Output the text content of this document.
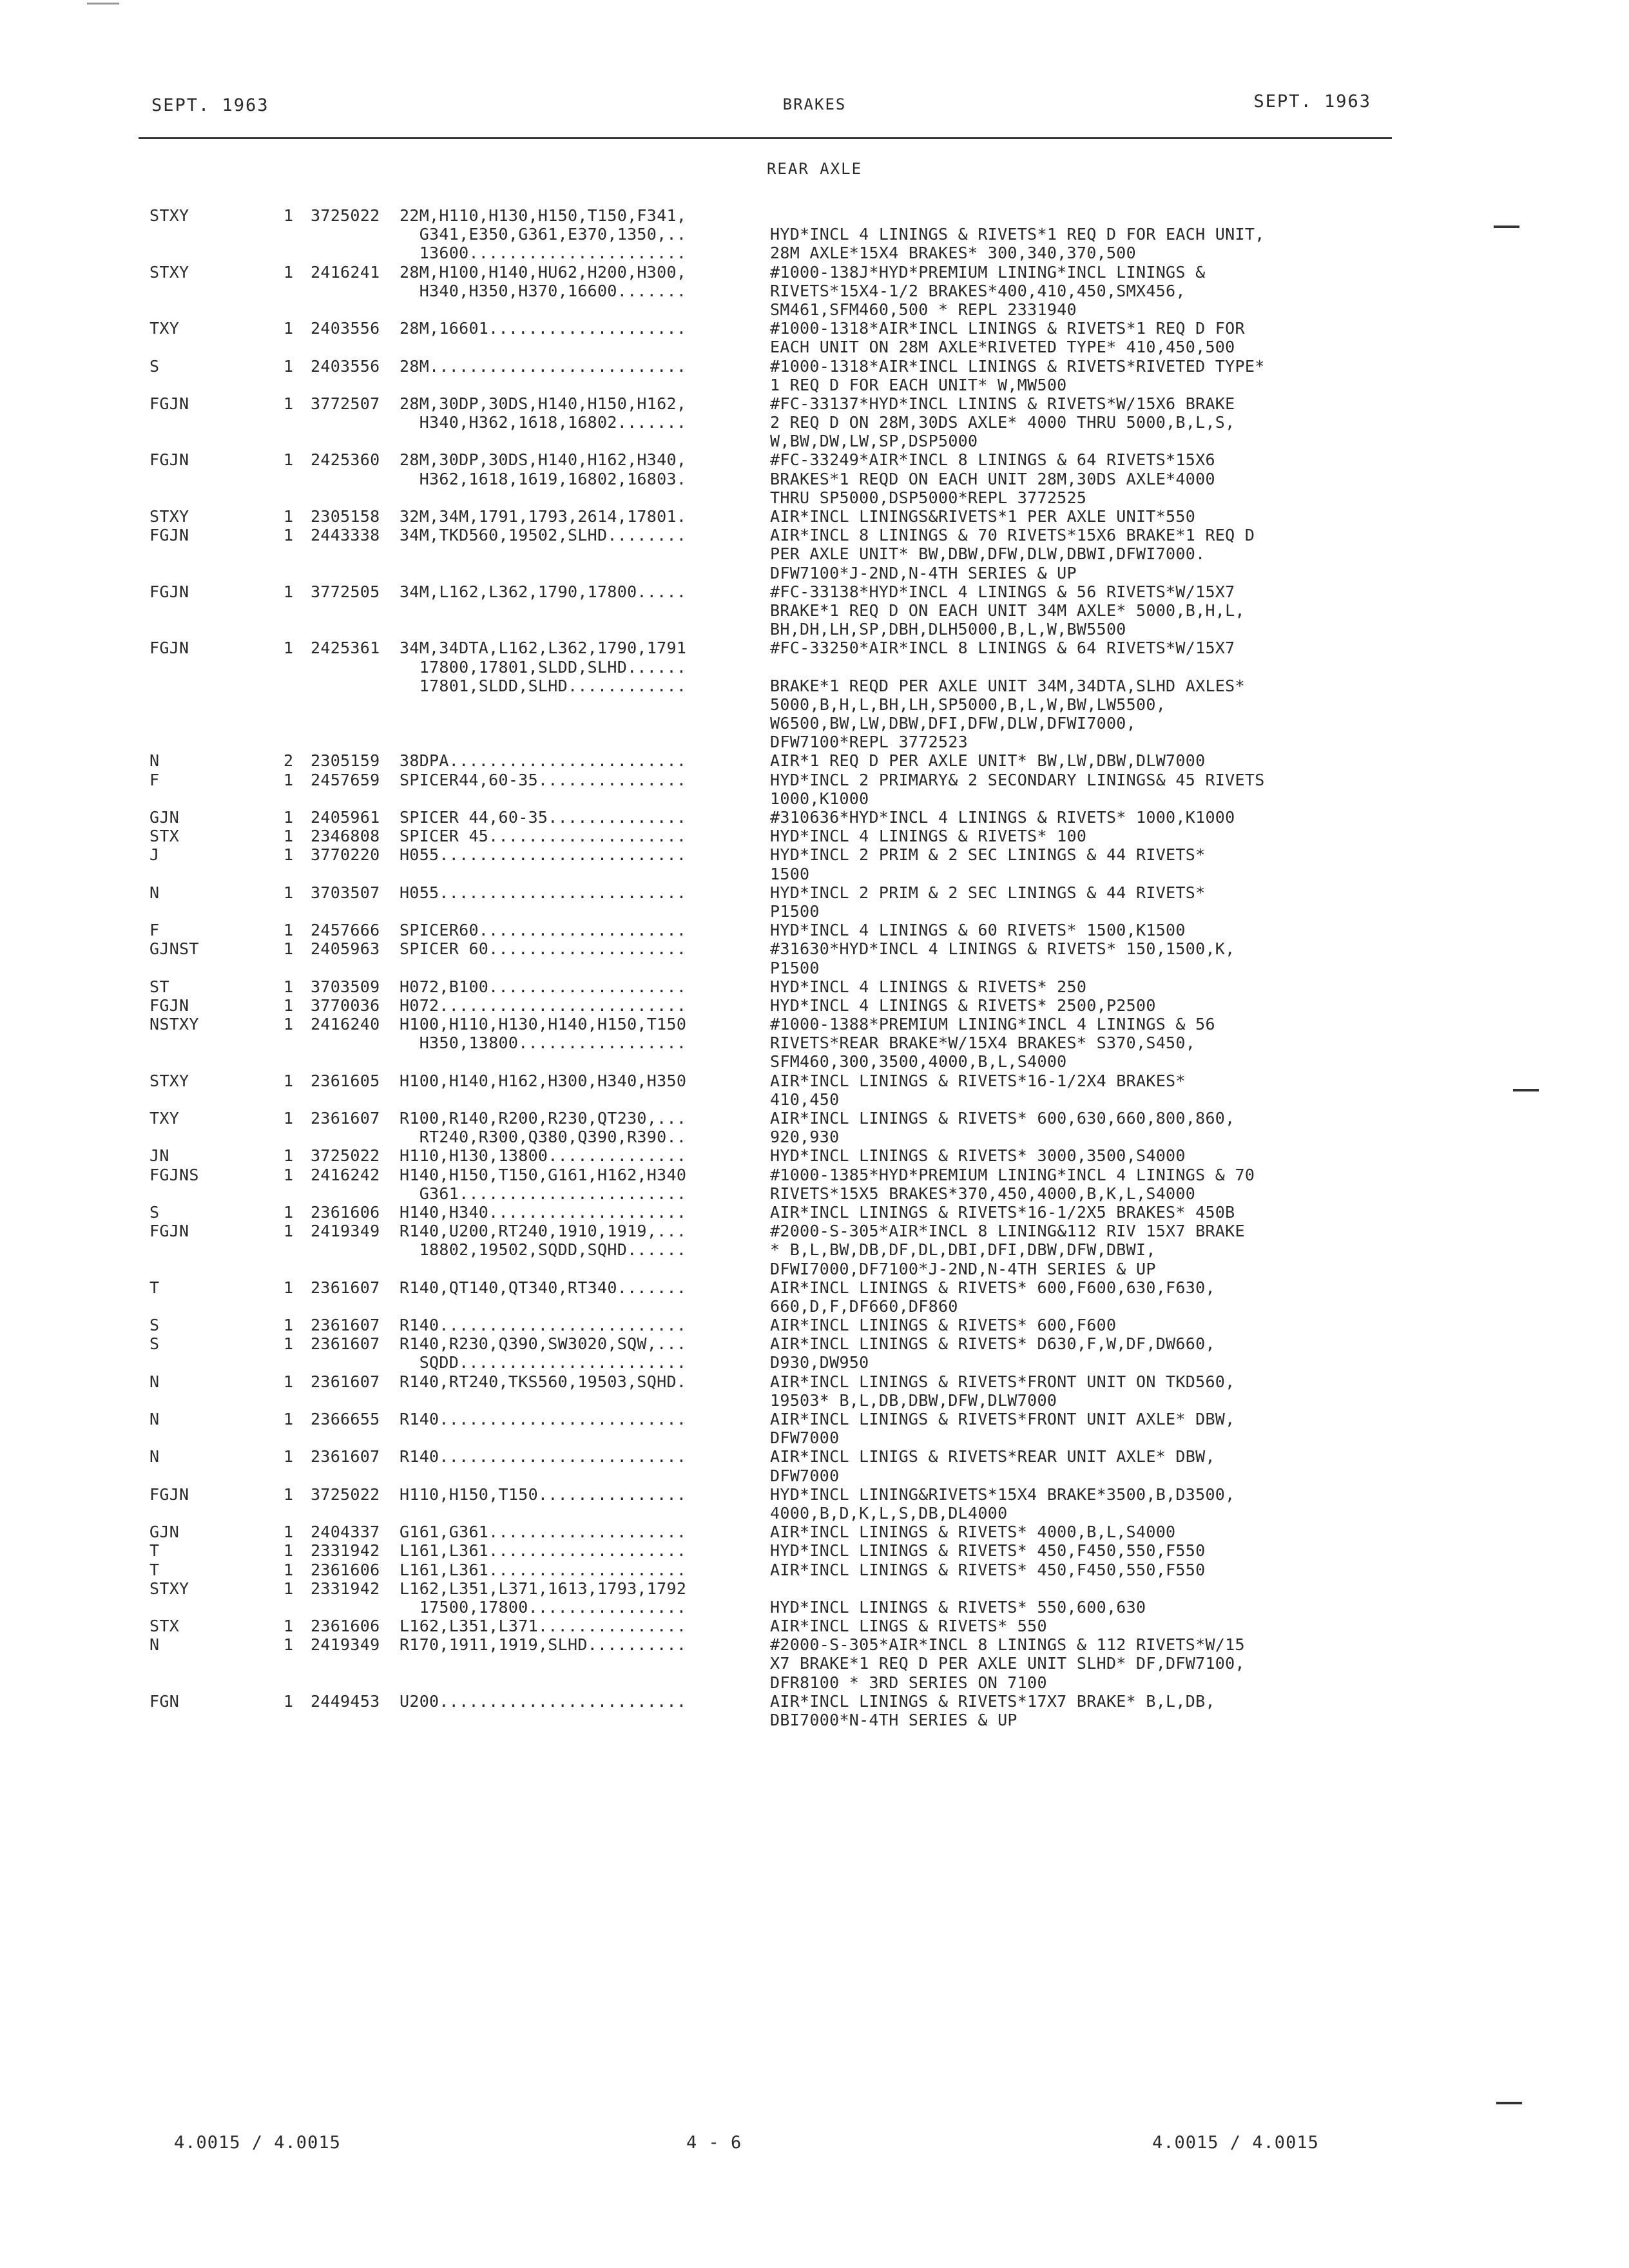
SEPT. 1963	BRAKES	SEPT. 1963
REAR AXLE
STXY	1 3725022 22M,H110,H130,H150,T150,F341,
G341,E350,G361,E370,1350,..	HYD*INCL 4 LININGS & RIVETS*1 REQ D FOR EACH UNIT,
13600......................	28M AXLE*15X4 BRAKES* 300,340,370,500
STXY	1 2416241 28M,H100,H140,HU62,H200,H300,	#1000-138J*HYD*PREMIUM LINING*INCL LININGS &
H340,H350,H370,16600.......	RIVETS*15X4-1/2 BRAKES*400,410,450,SMX456,
SM461,SFM460,500 * REPL 2331940
TXY	1 2403556 28M,16601....................	#1000-1318*AIR*INCL LININGS & RIVETS*1 REQ D FOR
EACH UNIT ON 28M AXLE*RIVETED TYPE* 410,450,500
S	1 2403556 28M..........................	#1000-1318*AIR*INCL LININGS & RIVETS*RIVETED TYPE*
1 REQ D FOR EACH UNIT* W,MW500
FGJN	1 3772507 28M,30DP,30DS,H140,H150,H162,	#FC-33137*HYD*INCL LININS & RIVETS*W/15X6 BRAKE
H340,H362,1618,16802.......	2 REQ D ON 28M,30DS AXLE* 4000 THRU 5000,B,L,S,
W,BW,DW,LW,SP,DSP5000
FGJN	1 2425360 28M,30DP,30DS,H140,H162,H340,	#FC-33249*AIR*INCL 8 LININGS & 64 RIVETS*15X6
H362,1618,1619,16802,16803.	BRAKES*1 REQD ON EACH UNIT 28M,30DS AXLE*4000
THRU SP5000,DSP5000*REPL 3772525
STXY	1 2305158 32M,34M,1791,1793,2614,17801.	AIR*INCL LININGS&RIVETS*1 PER AXLE UNIT*550
FGJN	1 2443338 34M,TKD560,19502,SLHD........	AIR*INCL 8 LININGS & 70 RIVETS*15X6 BRAKE*1 REQ D
PER AXLE UNIT* BW,DBW,DFW,DLW,DBWI,DFWI7000.
DFW7100*J-2ND,N-4TH SERIES & UP
FGJN	1 3772505 34M,L162,L362,1790,17800.....	#FC-33138*HYD*INCL 4 LININGS & 56 RIVETS*W/15X7
BRAKE*1 REQ D ON EACH UNIT 34M AXLE* 5000,B,H,L,
BH,DH,LH,SP,DBH,DLH5000,B,L,W,BW5500
FGJN	1 2425361 34M,34DTA,L162,L362,1790,1791	#FC-33250*AIR*INCL 8 LININGS & 64 RIVETS*W/15X7
17800,17801,SLDD,SLHD......
17801,SLDD,SLHD............	BRAKE*1 REQD PER AXLE UNIT 34M,34DTA,SLHD AXLES*
5000,B,H,L,BH,LH,SP5000,B,L,W,BW,LW5500,
W6500,BW,LW,DBW,DFI,DFW,DLW,DFWI7000,
DFW7100*REPL 3772523
N	2 2305159 38DPA........................	AIR*1 REQ D PER AXLE UNIT* BW,LW,DBW,DLW7000
F	1 2457659 SPICER44,60-35...............	HYD*INCL 2 PRIMARY& 2 SECONDARY LININGS& 45 RIVETS
1000,K1000
GJN	1 2405961 SPICER 44,60-35..............	#310636*HYD*INCL 4 LININGS & RIVETS* 1000,K1000
STX	1 2346808 SPICER 45....................	HYD*INCL 4 LININGS & RIVETS* 100
J	1 3770220 H055.........................	HYD*INCL 2 PRIM & 2 SEC LININGS & 44 RIVETS*
1500
N	1 3703507 H055.........................	HYD*INCL 2 PRIM & 2 SEC LININGS & 44 RIVETS*
P1500
F	1 2457666 SPICER60.....................	HYD*INCL 4 LININGS & 60 RIVETS* 1500,K1500
GJNST	1 2405963 SPICER 60....................	#31630*HYD*INCL 4 LININGS & RIVETS* 150,1500,K,
P1500
ST	1 3703509 H072,B100....................	HYD*INCL 4 LININGS & RIVETS* 250
FGJN	1 3770036 H072.........................	HYD*INCL 4 LININGS & RIVETS* 2500,P2500
NSTXY	1 2416240 H100,H110,H130,H140,H150,T150	#1000-1388*PREMIUM LINING*INCL 4 LININGS & 56
H350,13800.................	RIVETS*REAR BRAKE*W/15X4 BRAKES* S370,S450,
SFM460,300,3500,4000,B,L,S4000
STXY	1 2361605 H100,H140,H162,H300,H340,H350	AIR*INCL LININGS & RIVETS*16-1/2X4 BRAKES*
410,450
TXY	1 2361607 R100,R140,R200,R230,QT230,...	AIR*INCL LININGS & RIVETS* 600,630,660,800,860,
RT240,R300,Q380,Q390,R390..	920,930
JN	1 3725022 H110,H130,13800..............	HYD*INCL LININGS & RIVETS* 3000,3500,S4000
FGJNS	1 2416242 H140,H150,T150,G161,H162,H340	#1000-1385*HYD*PREMIUM LINING*INCL 4 LININGS & 70
G361.......................	RIVETS*15X5 BRAKES*370,450,4000,B,K,L,S4000
S	1 2361606 H140,H340....................	AIR*INCL LININGS & RIVETS*16-1/2X5 BRAKES* 450B
FGJN	1 2419349 R140,U200,RT240,1910,1919,...	#2000-S-305*AIR*INCL 8 LINING&112 RIV 15X7 BRAKE
18802,19502,SQDD,SQHD......	* B,L,BW,DB,DF,DL,DBI,DFI,DBW,DFW,DBWI,
DFWI7000,DF7100*J-2ND,N-4TH SERIES & UP
T	1 2361607 R140,QT140,QT340,RT340.......	AIR*INCL LININGS & RIVETS* 600,F600,630,F630,
660,D,F,DF660,DF860
S	1 2361607 R140.........................	AIR*INCL LININGS & RIVETS* 600,F600
S	1 2361607 R140,R230,Q390,SW3020,SQW,...	AIR*INCL LININGS & RIVETS* D630,F,W,DF,DW660,
SQDD.......................	D930,DW950
N	1 2361607 R140,RT240,TKS560,19503,SQHD.	AIR*INCL LININGS & RIVETS*FRONT UNIT ON TKD560,
19503* B,L,DB,DBW,DFW,DLW7000
N	1 2366655 R140.........................	AIR*INCL LININGS & RIVETS*FRONT UNIT AXLE* DBW,
DFW7000
N	1 2361607 R140.........................	AIR*INCL LINIGS & RIVETS*REAR UNIT AXLE* DBW,
DFW7000
FGJN	1 3725022 H110,H150,T150...............	HYD*INCL LINING&RIVETS*15X4 BRAKE*3500,B,D3500,
4000,B,D,K,L,S,DB,DL4000
GJN	1 2404337 G161,G361....................	AIR*INCL LININGS & RIVETS* 4000,B,L,S4000
T	1 2331942 L161,L361....................	HYD*INCL LININGS & RIVETS* 450,F450,550,F550
T	1 2361606 L161,L361....................	AIR*INCL LININGS & RIVETS* 450,F450,550,F550
STXY	1 2331942 L162,L351,L371,1613,1793,1792
17500,17800................	HYD*INCL LININGS & RIVETS* 550,600,630
STX	1 2361606 L162,L351,L371...............	AIR*INCL LINGS & RIVETS* 550
N	1 2419349 R170,1911,1919,SLHD..........	#2000-S-305*AIR*INCL 8 LININGS & 112 RIVETS*W/15
X7 BRAKE*1 REQ D PER AXLE UNIT SLHD* DF,DFW7100,
DFR8100 * 3RD SERIES ON 7100
FGN	1 2449453 U200.........................	AIR*INCL LININGS & RIVETS*17X7 BRAKE* B,L,DB,
DBI7000*N-4TH SERIES & UP
4.0015 / 4.0015	4 - 6	4.0015 / 4.0015
